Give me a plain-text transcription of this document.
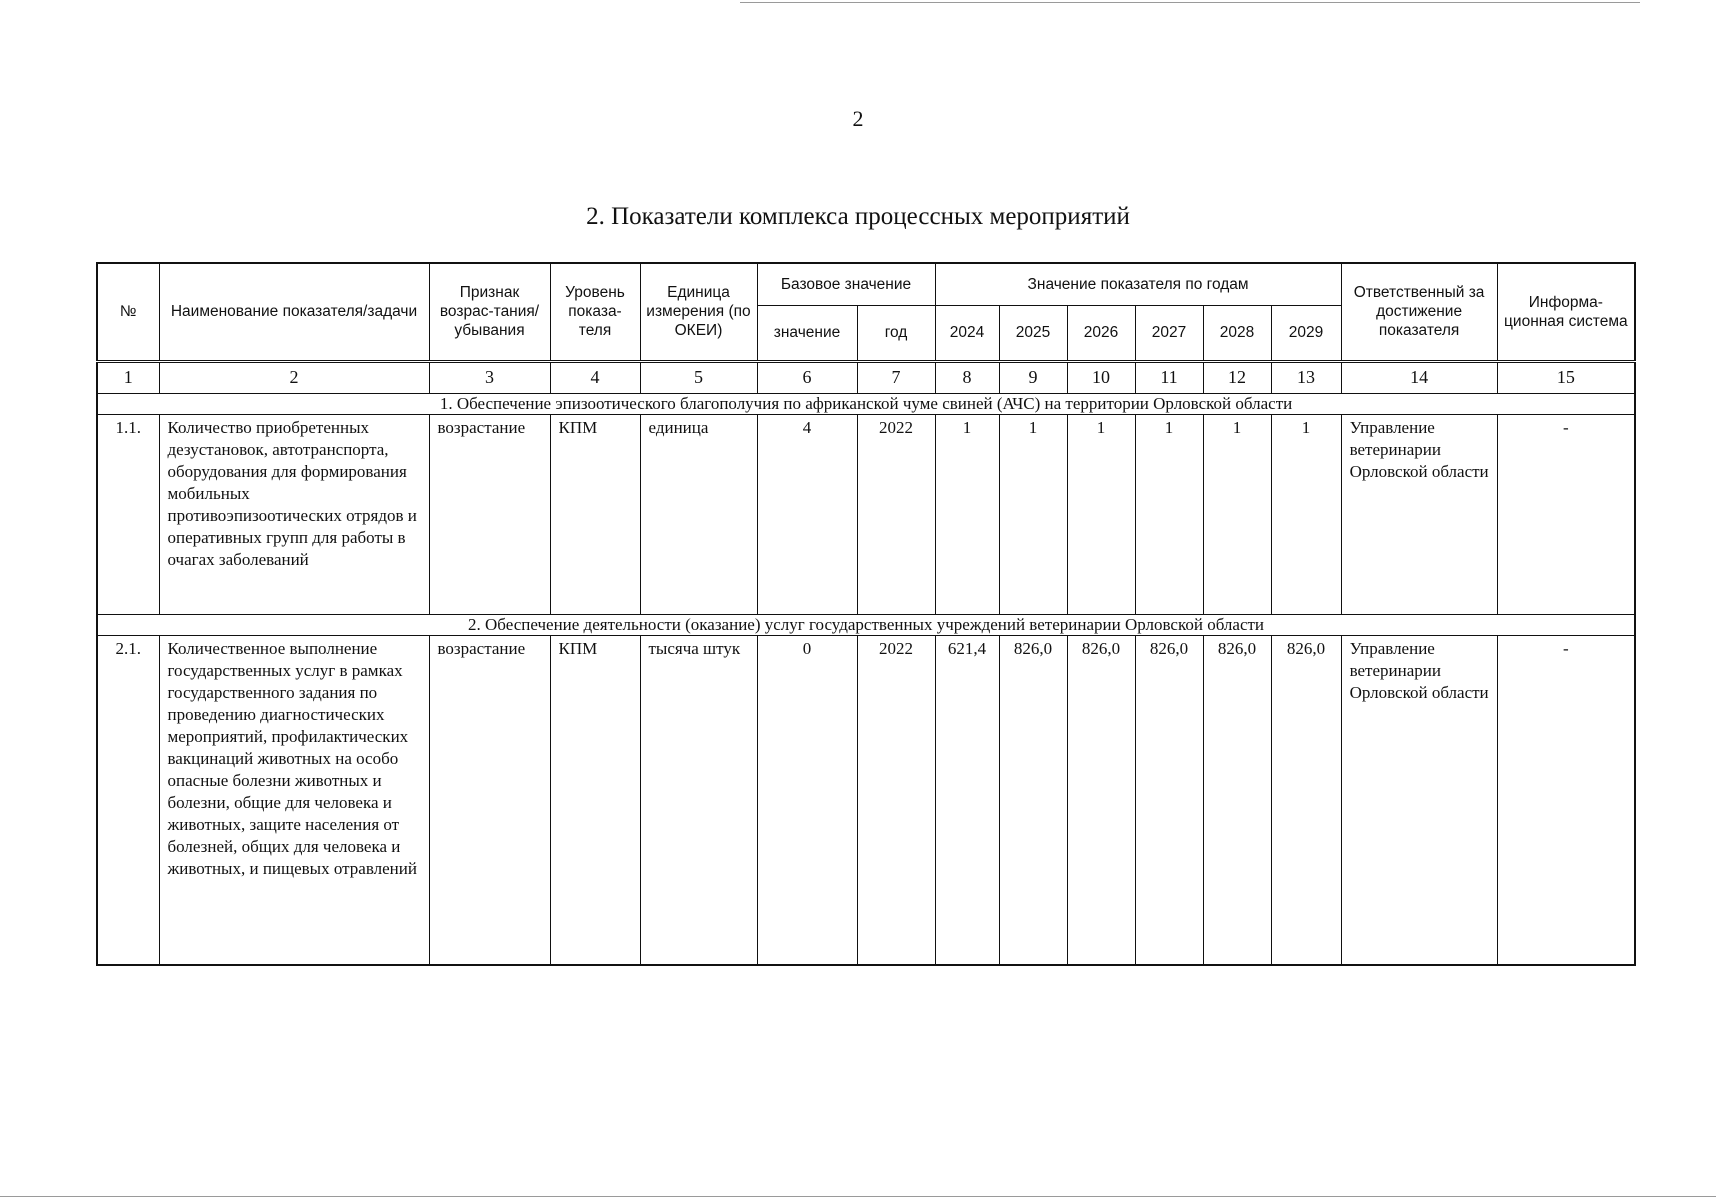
2
2. Показатели комплекса процессных мероприятий
№	Наименование показателя/задачи	Признак возрас-тания/ убывания	Уровень показа-теля	Единица измерения (по ОКЕИ)	Базовое значение		Значение показателя по годам						Ответственный за достижение показателя	Информа-ционная система
					значение	год	2024	2025	2026	2027	2028	2029		
1	2	3	4	5	6	7	8	9	10	11	12	13	14	15
1. Обеспечение эпизоотического благополучия по африканской чуме свиней (АЧС) на территории Орловской области														
1.1.	Количество приобретенных дезустановок, автотранспорта, оборудования для формирования мобильных противоэпизоотических отрядов и оперативных групп для работы в очагах заболеваний	возрастание	КПМ	единица	4	2022	1	1	1	1	1	1	Управление ветеринарии Орловской области	-
2. Обеспечение деятельности (оказание) услуг государственных учреждений ветеринарии Орловской области														
2.1.	Количественное выполнение государственных услуг в рамках государственного задания по проведению диагностических мероприятий, профилактических вакцинаций животных на особо опасные болезни животных и болезни, общие для человека и животных, защите населения от болезней, общих для человека и животных, и пищевых отравлений	возрастание	КПМ	тысяча штук	0	2022	621,4	826,0	826,0	826,0	826,0	826,0	Управление ветеринарии Орловской области	-
